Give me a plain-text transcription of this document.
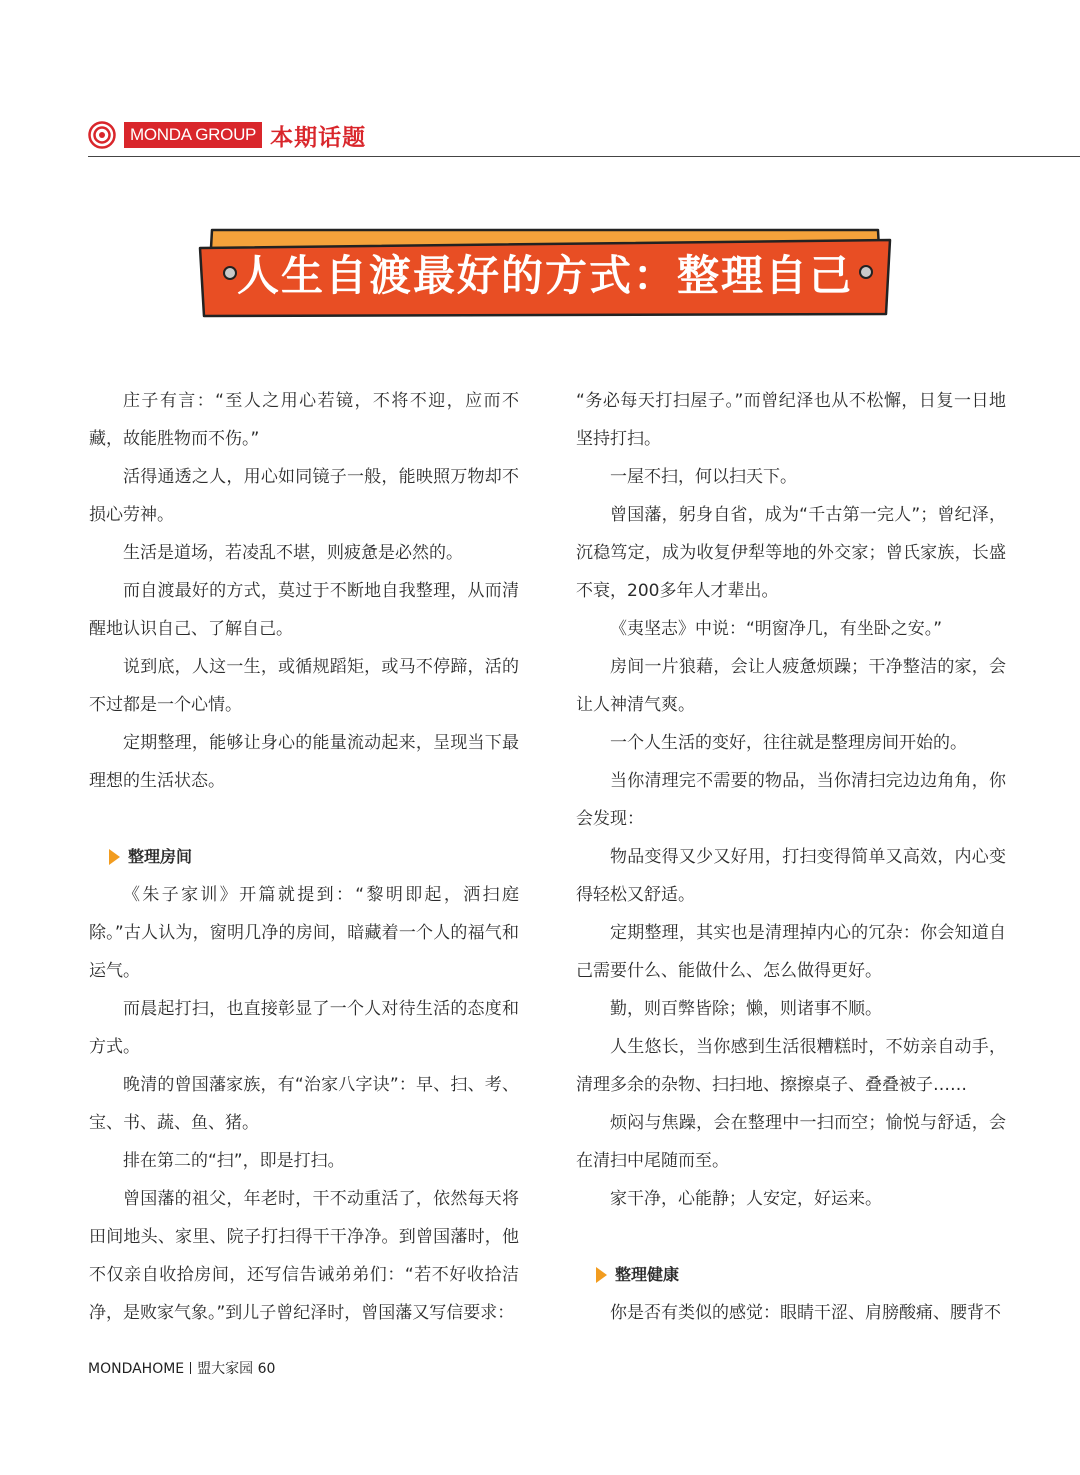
MONDA GROUP 本期话题
人生自渡最好的方式：整理自己

庄子有言：“至人之用心若镜，不将不迎，应而不藏，故能胜物而不伤。”

活得通透之人，用心如同镜子一般，能映照万物却不损心劳神。

生活是道场，若凌乱不堪，则疲惫是必然的。

而自渡最好的方式，莫过于不断地自我整理，从而清醒地认识自己、了解自己。

说到底，人这一生，或循规蹈矩，或马不停蹄，活的不过都是一个心情。

定期整理，能够让身心的能量流动起来，呈现当下最理想的生活状态。

整理房间

《朱子家训》开篇就提到：“黎明即起，洒扫庭除。”古人认为，窗明几净的房间，暗藏着一个人的福气和运气。

而晨起打扫，也直接彰显了一个人对待生活的态度和方式。

晚清的曾国藩家族，有“治家八字诀”：早、扫、考、宝、书、蔬、鱼、猪。

排在第二的“扫”，即是打扫。

曾国藩的祖父，年老时，干不动重活了，依然每天将田间地头、家里、院子打扫得干干净净。到曾国藩时，他不仅亲自收拾房间，还写信告诫弟弟们：“若不好收拾洁净，是败家气象。”到儿子曾纪泽时，曾国藩又写信要求：

“务必每天打扫屋子。”而曾纪泽也从不松懈，日复一日地坚持打扫。

一屋不扫，何以扫天下。

曾国藩，躬身自省，成为“千古第一完人”；曾纪泽，沉稳笃定，成为收复伊犁等地的外交家；曾氏家族，长盛不衰，200多年人才辈出。

《夷坚志》中说：“明窗净几，有坐卧之安。”

房间一片狼藉，会让人疲惫烦躁；干净整洁的家，会让人神清气爽。

一个人生活的变好，往往就是整理房间开始的。

当你清理完不需要的物品，当你清扫完边边角角，你会发现：

物品变得又少又好用，打扫变得简单又高效，内心变得轻松又舒适。

定期整理，其实也是清理掉内心的冗杂：你会知道自己需要什么、能做什么、怎么做得更好。

勤，则百弊皆除；懒，则诸事不顺。

人生悠长，当你感到生活很糟糕时，不妨亲自动手，清理多余的杂物、扫扫地、擦擦桌子、叠叠被子……

烦闷与焦躁，会在整理中一扫而空；愉悦与舒适，会在清扫中尾随而至。

家干净，心能静；人安定，好运来。

整理健康

你是否有类似的感觉：眼睛干涩、肩膀酸痛、腰背不

MONDAHOME 盟大家园 60
